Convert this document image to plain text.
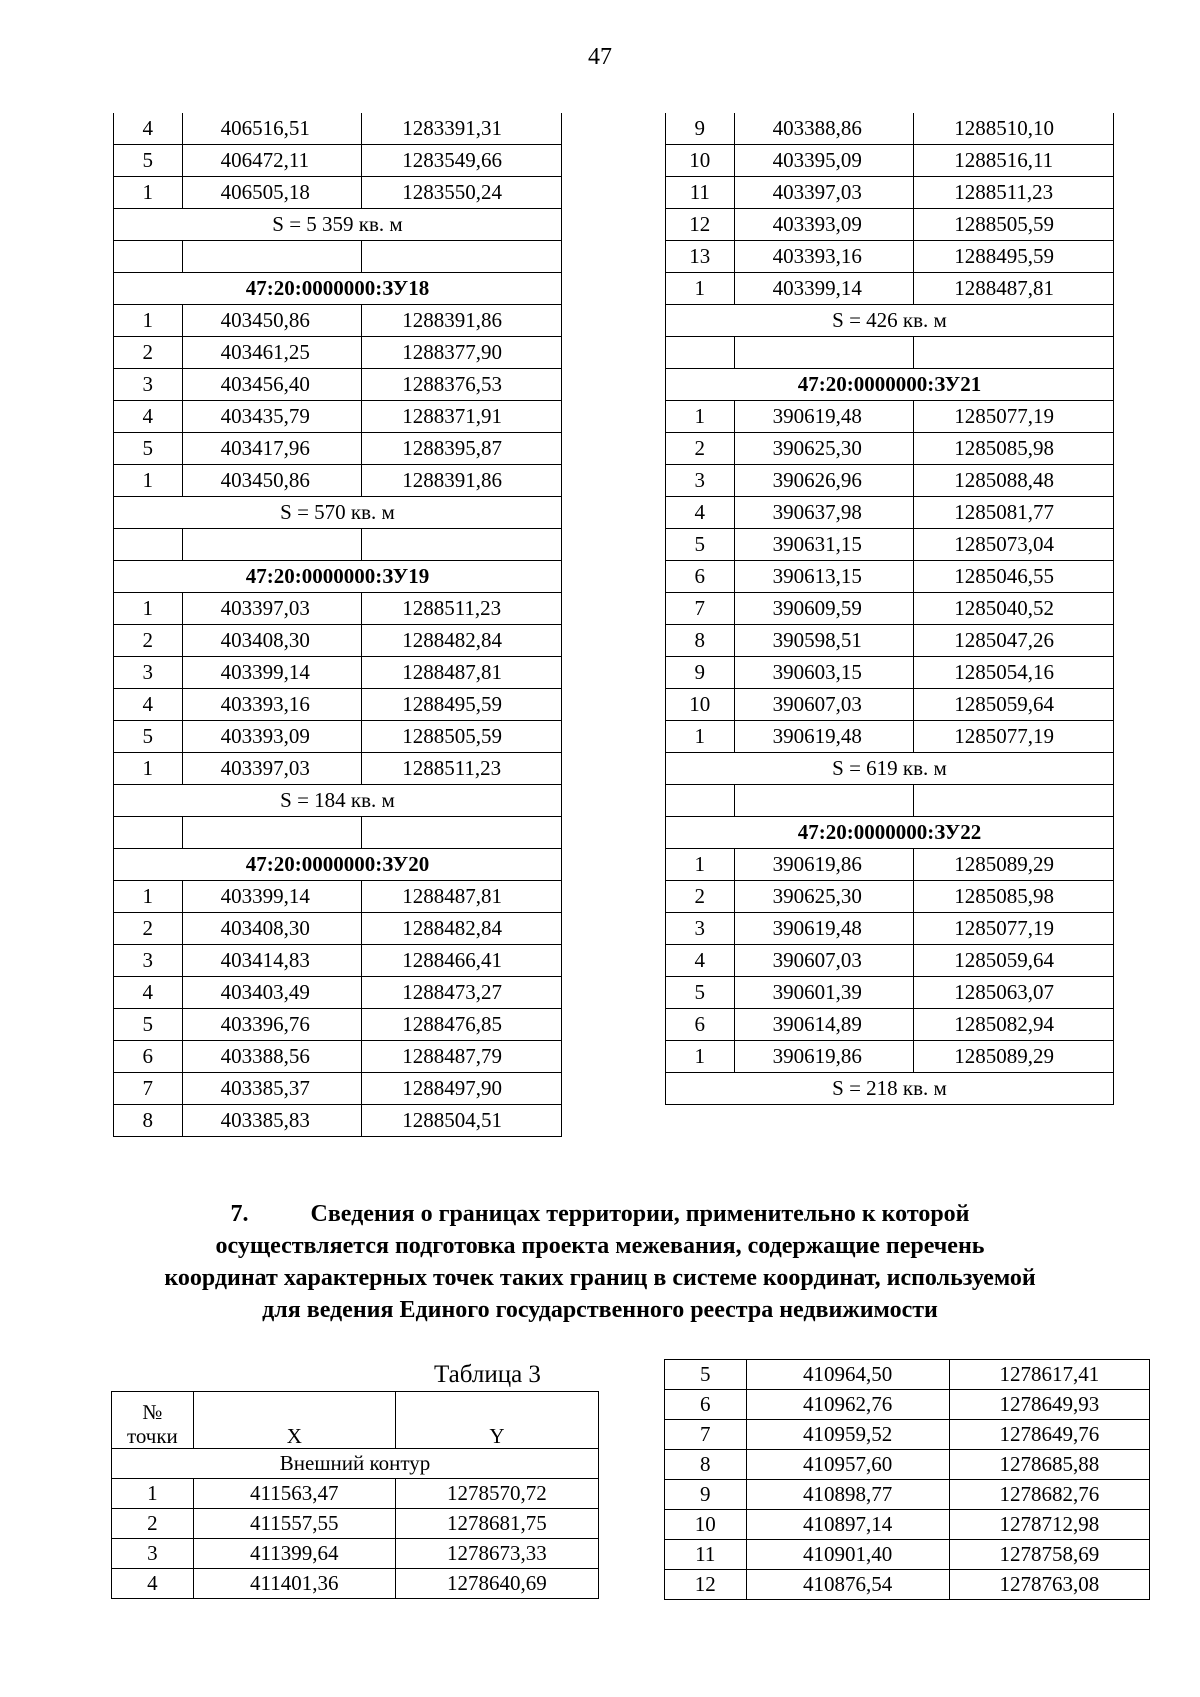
47
4	406516,51	1283391,31
5	406472,11	1283549,66
1	406505,18	1283550,24
S = 5 359 кв. м		

47:20:0000000:ЗУ18		
1	403450,86	1288391,86
2	403461,25	1288377,90
3	403456,40	1288376,53
4	403435,79	1288371,91
5	403417,96	1288395,87
1	403450,86	1288391,86
S = 570 кв. м		

47:20:0000000:ЗУ19		
1	403397,03	1288511,23
2	403408,30	1288482,84
3	403399,14	1288487,81
4	403393,16	1288495,59
5	403393,09	1288505,59
1	403397,03	1288511,23
S = 184 кв. м		

47:20:0000000:ЗУ20		
1	403399,14	1288487,81
2	403408,30	1288482,84
3	403414,83	1288466,41
4	403403,49	1288473,27
5	403396,76	1288476,85
6	403388,56	1288487,79
7	403385,37	1288497,90
8	403385,83	1288504,51
9	403388,86	1288510,10
10	403395,09	1288516,11
11	403397,03	1288511,23
12	403393,09	1288505,59
13	403393,16	1288495,59
1	403399,14	1288487,81
S = 426 кв. м		

47:20:0000000:ЗУ21		
1	390619,48	1285077,19
2	390625,30	1285085,98
3	390626,96	1285088,48
4	390637,98	1285081,77
5	390631,15	1285073,04
6	390613,15	1285046,55
7	390609,59	1285040,52
8	390598,51	1285047,26
9	390603,15	1285054,16
10	390607,03	1285059,64
1	390619,48	1285077,19
S = 619 кв. м		

47:20:0000000:ЗУ22		
1	390619,86	1285089,29
2	390625,30	1285085,98
3	390619,48	1285077,19
4	390607,03	1285059,64
5	390601,39	1285063,07
6	390614,89	1285082,94
1	390619,86	1285089,29
S = 218 кв. м		
7.	Сведения о границах территории, применительно к которой
осуществляется подготовка проекта межевания, содержащие перечень
координат характерных точек таких границ в системе координат, используемой
для ведения Единого государственного реестра недвижимости
Таблица 3
№
точки	X	Y
Внешний контур		
1	411563,47	1278570,72
2	411557,55	1278681,75
3	411399,64	1278673,33
4	411401,36	1278640,69
5	410964,50	1278617,41
6	410962,76	1278649,93
7	410959,52	1278649,76
8	410957,60	1278685,88
9	410898,77	1278682,76
10	410897,14	1278712,98
11	410901,40	1278758,69
12	410876,54	1278763,08
